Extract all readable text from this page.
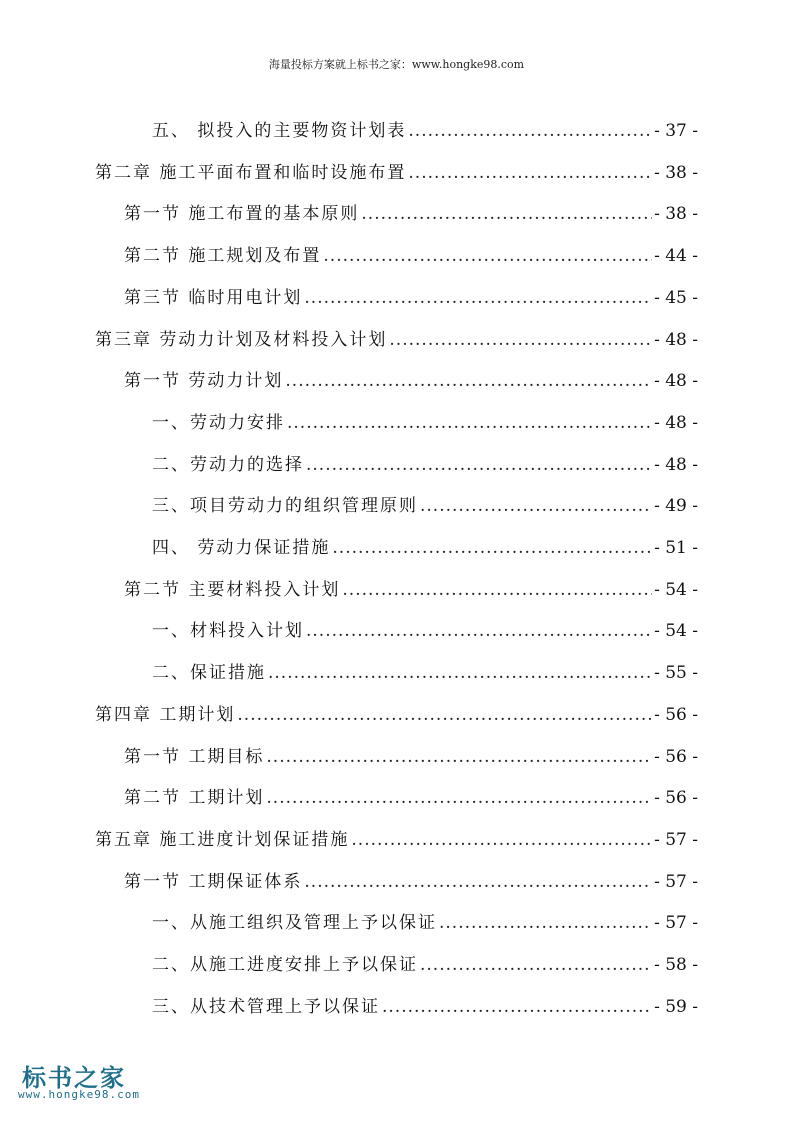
海量投标方案就上标书之家：www.hongke98.com
五、 拟投入的主要物资计划表 .....	- 37 -
第二章 施工平面布置和临时设施布置 .....	- 38 -
第一节 施工布置的基本原则 .....	- 38 -
第二节 施工规划及布置 .....	- 44 -
第三节 临时用电计划 .....	- 45 -
第三章 劳动力计划及材料投入计划 .....	- 48 -
第一节 劳动力计划 .....	- 48 -
一、劳动力安排 .....	- 48 -
二、劳动力的选择 .....	- 48 -
三、项目劳动力的组织管理原则 .....	- 49 -
四、 劳动力保证措施 .....	- 51 -
第二节 主要材料投入计划 .....	- 54 -
一、材料投入计划 .....	- 54 -
二、保证措施 .....	- 55 -
第四章 工期计划 .....	- 56 -
第一节 工期目标 .....	- 56 -
第二节 工期计划 .....	- 56 -
第五章 施工进度计划保证措施 .....	- 57 -
第一节 工期保证体系 .....	- 57 -
一、从施工组织及管理上予以保证 .....	- 57 -
二、从施工进度安排上予以保证 .....	- 58 -
三、从技术管理上予以保证 .....	- 59 -
标书之家
www.hongke98.com
